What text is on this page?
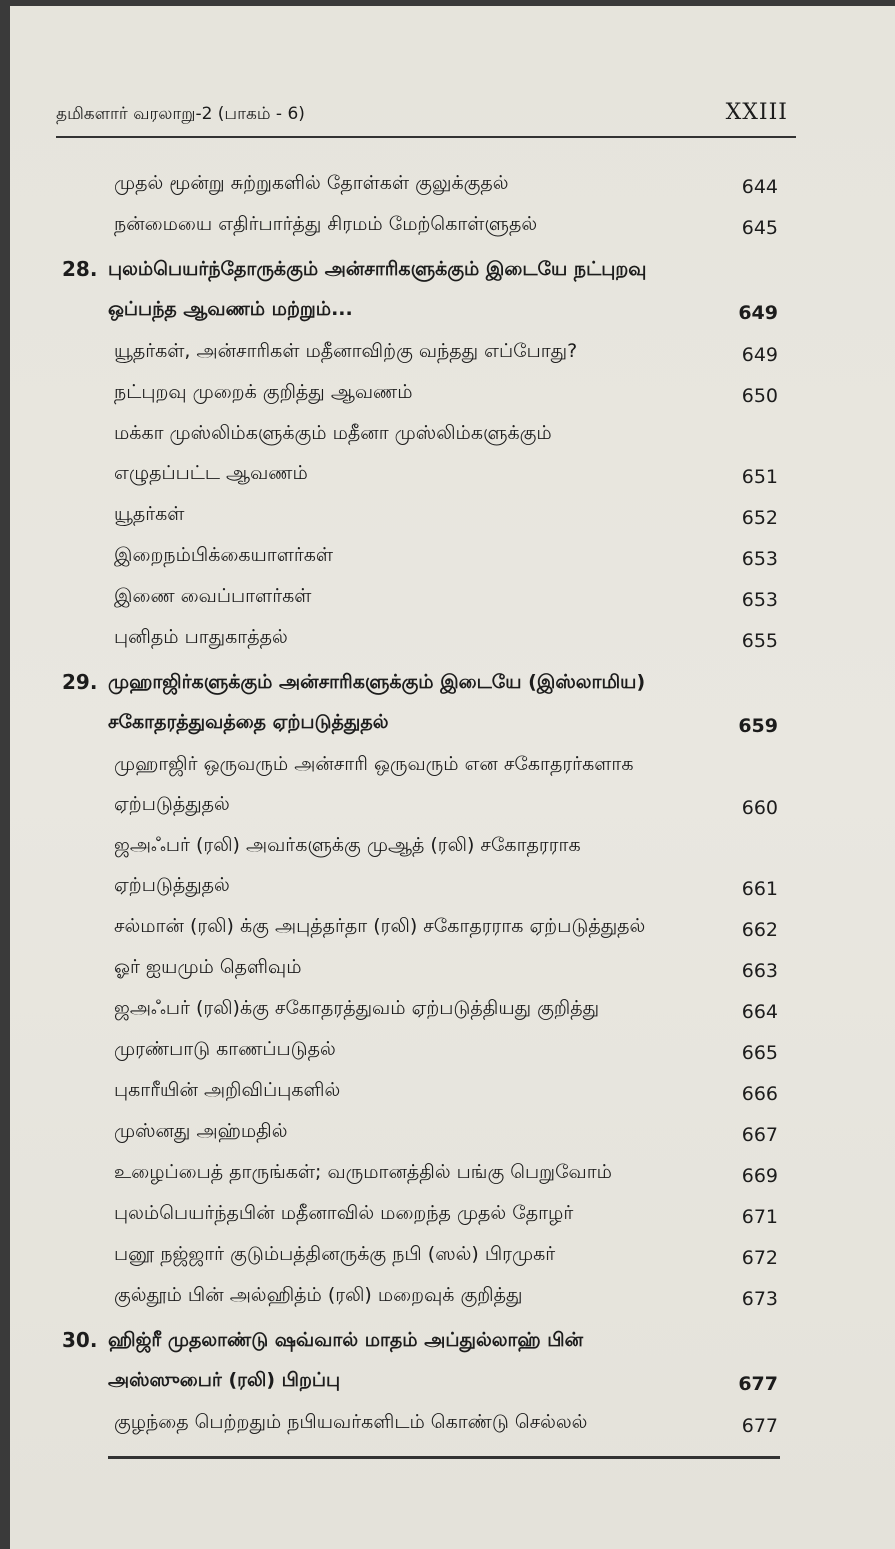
தமிகளார் வரலாறு-2 (பாகம் - 6)	XXIII
முதல் மூன்று சுற்றுகளில் தோள்கள் குலுக்குதல்	644
நன்மையை எதிர்பார்த்து சிரமம் மேற்கொள்ளுதல்	645
28. புலம்பெயர்ந்தோருக்கும் அன்சாரிகளுக்கும் இடையே நட்புறவு
ஒப்பந்த ஆவணம் மற்றும்...	649
யூதர்கள், அன்சாரிகள் மதீனாவிற்கு வந்தது எப்போது?	649
நட்புறவு முறைக் குறித்து ஆவணம்	650
மக்கா முஸ்லிம்களுக்கும் மதீனா முஸ்லிம்களுக்கும்
எழுதப்பட்ட ஆவணம்	651
யூதர்கள்	652
இறைநம்பிக்கையாளர்கள்	653
இணை வைப்பாளர்கள்	653
புனிதம் பாதுகாத்தல்	655
29. முஹாஜிர்களுக்கும் அன்சாரிகளுக்கும் இடையே (இஸ்லாமிய)
சகோதரத்துவத்தை ஏற்படுத்துதல்	659
முஹாஜிர் ஒருவரும் அன்சாரி ஒருவரும் என சகோதரர்களாக
ஏற்படுத்துதல்	660
ஜஅஃபர் (ரலி) அவர்களுக்கு முஆத் (ரலி) சகோதரராக
ஏற்படுத்துதல்	661
சல்மான் (ரலி) க்கு அபுத்தர்தா (ரலி) சகோதரராக ஏற்படுத்துதல்	662
ஓர் ஐயமும் தெளிவும்	663
ஜஅஃபர் (ரலி)க்கு சகோதரத்துவம் ஏற்படுத்தியது குறித்து	664
முரண்பாடு காணப்படுதல்	665
புகாரீயின் அறிவிப்புகளில்	666
முஸ்னது அஹ்மதில்	667
உழைப்பைத் தாருங்கள்; வருமானத்தில் பங்கு பெறுவோம்	669
புலம்பெயர்ந்தபின் மதீனாவில் மறைந்த முதல் தோழர்	671
பனூ நஜ்ஜார் குடும்பத்தினருக்கு நபி (ஸல்) பிரமுகர்	672
குல்தூம் பின் அல்ஹித்ம் (ரலி) மறைவுக் குறித்து	673
30. ஹிஜ்ரீ முதலாண்டு ஷவ்வால் மாதம் அப்துல்லாஹ் பின்
அஸ்ஸுபைர் (ரலி) பிறப்பு	677
குழந்தை பெற்றதும் நபியவர்களிடம் கொண்டு செல்லல்	677
